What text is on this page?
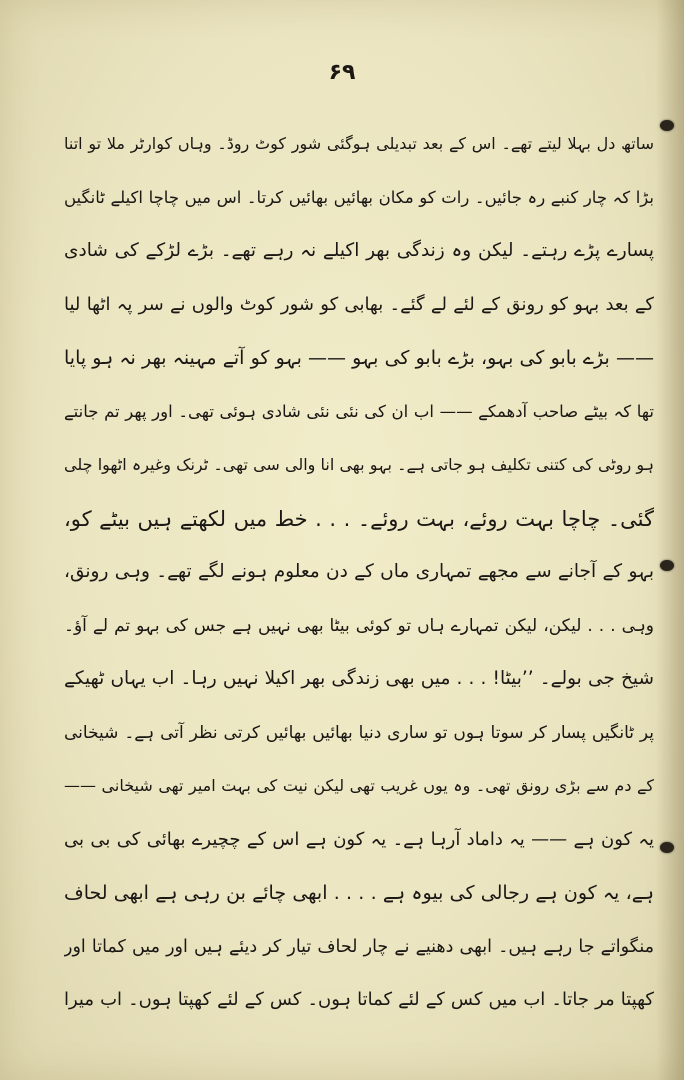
۶۹
ساتھ دل بہلا لیتے تھے۔ اس کے بعد تبدیلی ہوگئی شور کوٹ روڈ۔ وہاں کوارٹر ملا تو اتنا
بڑا کہ چار کنبے رہ جائیں۔ رات کو مکان بھائیں بھائیں کرتا۔ اس میں چاچا اکیلے ٹانگیں
پسارے پڑے رہتے۔ لیکن وہ زندگی بھر اکیلے نہ رہے تھے۔ بڑے لڑکے کی شادی
کے بعد بہو کو رونق کے لئے لے گئے۔ بھابی کو شور کوٹ والوں نے سر پہ اٹھا لیا
—— بڑے بابو کی بہو، بڑے بابو کی بہو —— بہو کو آتے مہینہ بھر نہ ہو پایا
تھا کہ بیٹے صاحب آدھمکے —— اب ان کی نئی نئی شادی ہوئی تھی۔ اور پھر تم جانتے
ہو روٹی کی کتنی تکلیف ہو جاتی ہے۔ بہو بھی انا والی سی تھی۔ ٹرنک وغیرہ اٹھوا چلی
گئی۔ چاچا بہت روئے، بہت روئے۔ . . . خط میں لکھتے ہیں بیٹے کو،
بہو کے آجانے سے مجھے تمہاری ماں کے دن معلوم ہونے لگے تھے۔ وہی رونق،
وہی . . . لیکن، لیکن تمہارے ہاں تو کوئی بیٹا بھی نہیں ہے جس کی بہو تم لے آؤ۔
شیخ جی بولے۔ ’’بیٹا! . . . میں بھی زندگی بھر اکیلا نہیں رہا۔ اب یہاں ٹھیکے
پر ٹانگیں پسار کر سوتا ہوں تو ساری دنیا بھائیں بھائیں کرتی نظر آتی ہے۔ شیخانی
کے دم سے بڑی رونق تھی۔ وہ یوں غریب تھی لیکن نیت کی بہت امیر تھی شیخانی ——
یہ کون ہے —— یہ داماد آرہا ہے۔ یہ کون ہے اس کے چچیرے بھائی کی بی بی
ہے، یہ کون ہے رجالی کی بیوہ ہے . . . . ابھی چائے بن رہی ہے ابھی لحاف
منگواتے جا رہے ہیں۔ ابھی دھنیے نے چار لحاف تیار کر دیئے ہیں اور میں کماتا اور
کھپتا مر جاتا۔ اب میں کس کے لئے کماتا ہوں۔ کس کے لئے کھپتا ہوں۔ اب میرا
